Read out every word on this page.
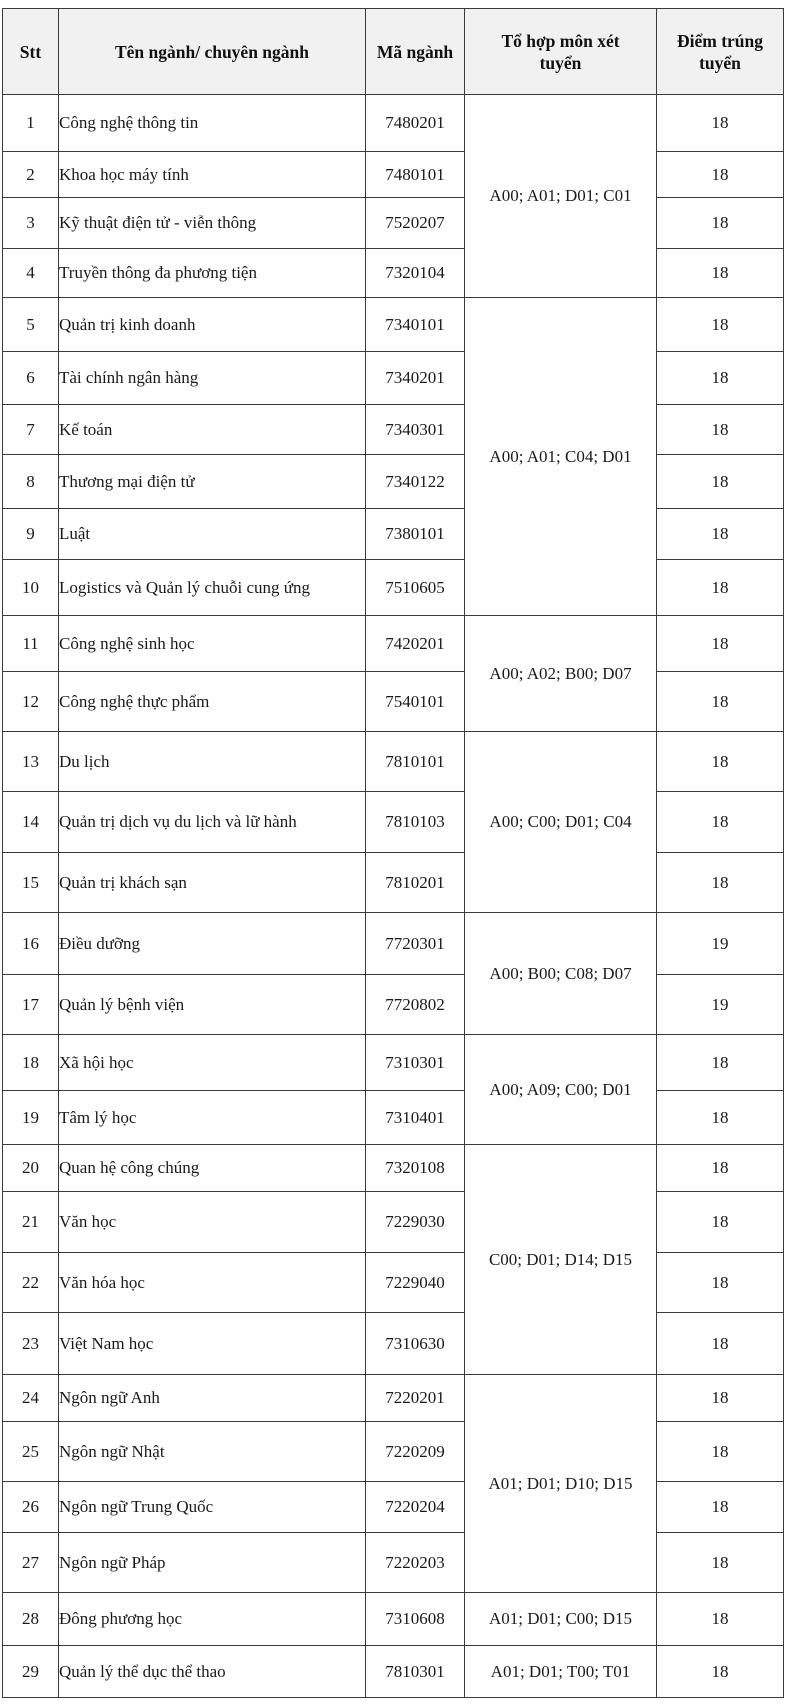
Stt	Tên ngành/ chuyên ngành	Mã ngành	Tổ hợp môn xét tuyển	Điểm trúng tuyển
1	Công nghệ thông tin	7480201	A00; A01; D01; C01	18
2	Khoa học máy tính	7480101		18
3	Kỹ thuật điện tử - viễn thông	7520207		18
4	Truyền thông đa phương tiện	7320104		18
5	Quản trị kinh doanh	7340101	A00; A01; C04; D01	18
6	Tài chính ngân hàng	7340201		18
7	Kế toán	7340301		18
8	Thương mại điện tử	7340122		18
9	Luật	7380101		18
10	Logistics và Quản lý chuỗi cung ứng	7510605		18
11	Công nghệ sinh học	7420201	A00; A02; B00; D07	18
12	Công nghệ thực phẩm	7540101		18
13	Du lịch	7810101	A00; C00; D01; C04	18
14	Quản trị dịch vụ du lịch và lữ hành	7810103		18
15	Quản trị khách sạn	7810201		18
16	Điều dưỡng	7720301	A00; B00; C08; D07	19
17	Quản lý bệnh viện	7720802		19
18	Xã hội học	7310301	A00; A09; C00; D01	18
19	Tâm lý học	7310401		18
20	Quan hệ công chúng	7320108	C00; D01; D14; D15	18
21	Văn học	7229030		18
22	Văn hóa học	7229040		18
23	Việt Nam học	7310630		18
24	Ngôn ngữ Anh	7220201	A01; D01; D10; D15	18
25	Ngôn ngữ Nhật	7220209		18
26	Ngôn ngữ Trung Quốc	7220204		18
27	Ngôn ngữ Pháp	7220203		18
28	Đông phương học	7310608	A01; D01; C00; D15	18
29	Quản lý thể dục thể thao	7810301	A01; D01; T00; T01	18
